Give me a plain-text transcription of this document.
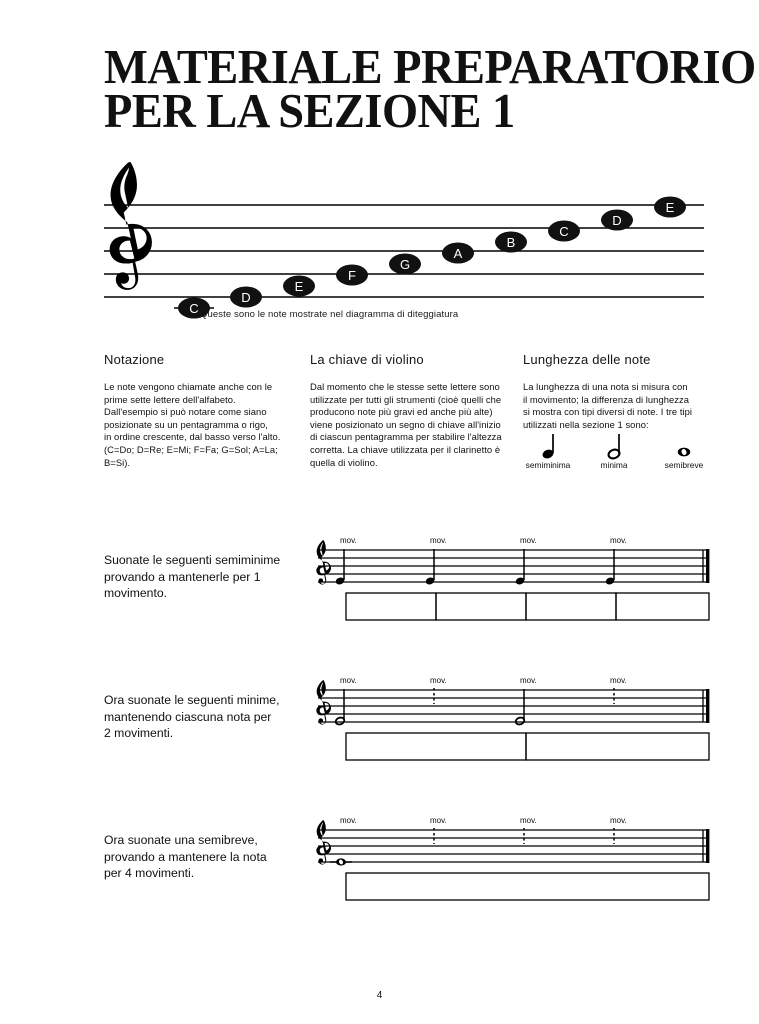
MATERIALE PREPARATORIO
PER LA SEZIONE 1
C
D
E
F
G
A
B
C
D
E
Queste sono le note mostrate nel diagramma di diteggiatura
Notazione
Le note vengono chiamate anche con le
prime sette lettere dell'alfabeto.
Dall'esempio si può notare come siano
posizionate su un pentagramma o rigo,
in ordine crescente, dal basso verso l'alto.
(C=Do; D=Re; E=Mi; F=Fa; G=Sol; A=La;
B=Si).
La chiave di violino
Dal momento che le stesse sette lettere sono
utilizzate per tutti gli strumenti (cioè quelli che
producono note più gravi ed anche più alte)
viene posizionato un segno di chiave all'inizio
di ciascun pentagramma per stabilire l'altezza
corretta. La chiave utilizzata per il clarinetto è
quella di violino.
Lunghezza delle note
La lunghezza di una nota si misura con
il movimento; la differenza di lunghezza
si mostra con tipi diversi di note. I tre tipi
utilizzati nella sezione 1 sono:
semiminima	minima	semibreve
Suonate le seguenti semiminime
provando a mantenerle per 1
movimento.
mov.	mov.	mov.	mov.
Ora suonate le seguenti minime,
mantenendo ciascuna nota per
2 movimenti.
mov.	mov.	mov.	mov.
Ora suonate una semibreve,
provando a mantenere la nota
per 4 movimenti.
mov.	mov.	mov.	mov.
4
